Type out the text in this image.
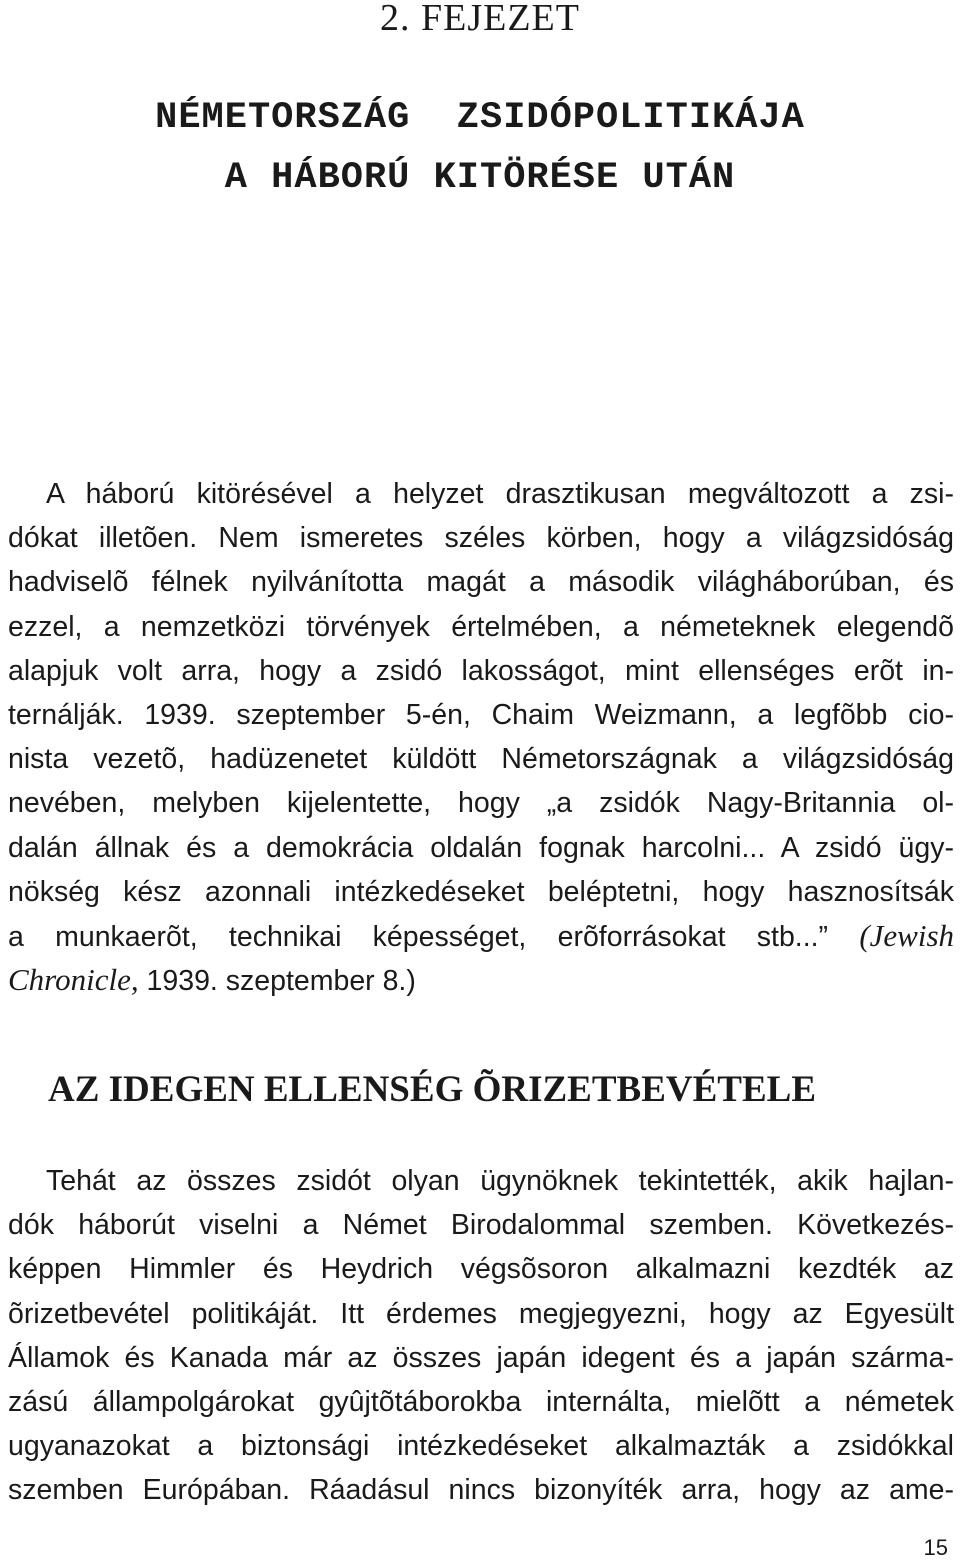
2. FEJEZET
NÉMETORSZÁG  ZSIDÓPOLITIKÁJA
A HÁBORÚ KITÖRÉSE UTÁN
A háború kitörésével a helyzet drasztikusan megváltozott a zsi-
dókat illetõen. Nem ismeretes széles körben, hogy a világzsidóság
hadviselõ félnek nyilvánította magát a második világháborúban, és
ezzel, a nemzetközi törvények értelmében, a németeknek elegendõ
alapjuk volt arra, hogy a zsidó lakosságot, mint ellenséges erõt in-
ternálják. 1939. szeptember 5-én, Chaim Weizmann, a legfõbb cio-
nista vezetõ, hadüzenetet küldött Németországnak a világzsidóság
nevében, melyben kijelentette, hogy „a zsidók Nagy-Britannia ol-
dalán állnak és a demokrácia oldalán fognak harcolni... A zsidó ügy-
nökség kész azonnali intézkedéseket beléptetni, hogy hasznosítsák
a munkaerõt, technikai képességet, erõforrásokat stb...” (Jewish
Chronicle, 1939. szeptember 8.)
AZ IDEGEN ELLENSÉG ÕRIZETBEVÉTELE
Tehát az összes zsidót olyan ügynöknek tekintették, akik hajlan-
dók háborút viselni a Német Birodalommal szemben. Következés-
képpen Himmler és Heydrich végsõsoron alkalmazni kezdték az
õrizetbevétel politikáját. Itt érdemes megjegyezni, hogy az Egyesült
Államok és Kanada már az összes japán idegent és a japán szárma-
zású állampolgárokat gyûjtõtáborokba internálta, mielõtt a németek
ugyanazokat a biztonsági intézkedéseket alkalmazták a zsidókkal
szemben Európában. Ráadásul nincs bizonyíték arra, hogy az ame-
15
